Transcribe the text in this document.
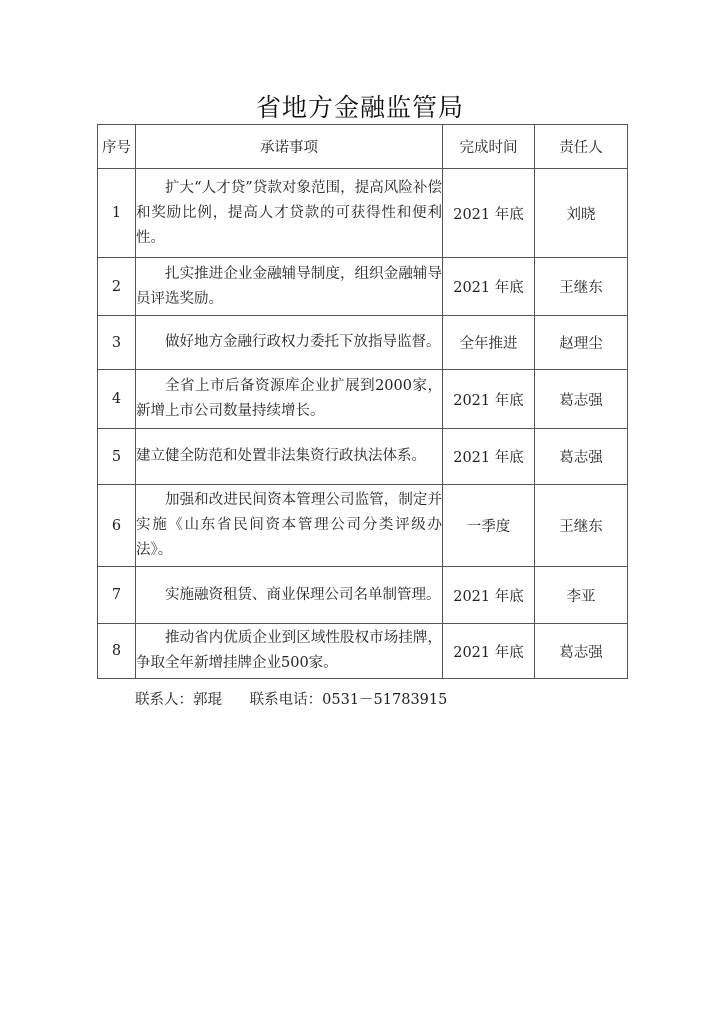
省地方金融监管局
序号	承诺事项	完成时间	责任人
1	扩大“人才贷”贷款对象范围，提高风险补偿和奖励比例，提高人才贷款的可获得性和便利性。	2021 年底	刘晓
2	扎实推进企业金融辅导制度，组织金融辅导员评选奖励。	2021 年底	王继东
3	做好地方金融行政权力委托下放指导监督。	全年推进	赵理尘
4	全省上市后备资源库企业扩展到2000家，新增上市公司数量持续增长。	2021 年底	葛志强
5	建立健全防范和处置非法集资行政执法体系。	2021 年底	葛志强
6	加强和改进民间资本管理公司监管，制定并实施《山东省民间资本管理公司分类评级办法》。	一季度	王继东
7	实施融资租赁、商业保理公司名单制管理。	2021 年底	李亚
8	推动省内优质企业到区域性股权市场挂牌，争取全年新增挂牌企业500家。	2021 年底	葛志强
联系人：郭琨 联系电话：0531－51783915
